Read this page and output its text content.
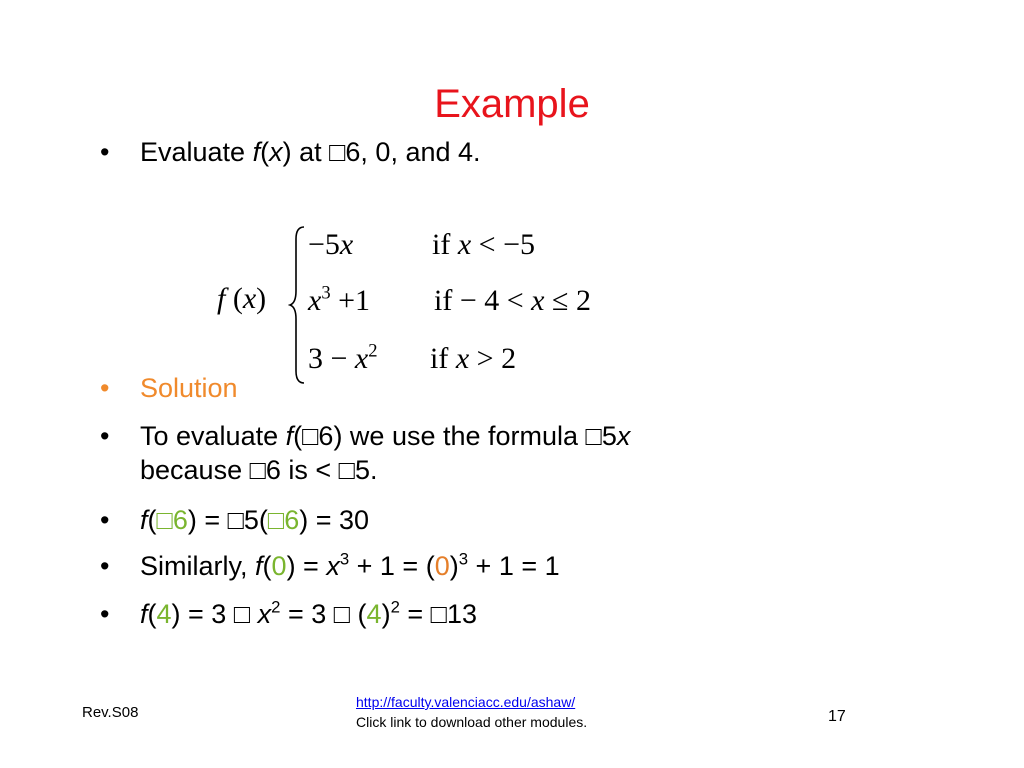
Example
• Evaluate f(x) at □6, 0, and 4.
f (x)
−5x	if x < −5
$x^3 +1$ if − 4 < x ≤ 2
$3 - x^2$ if x > 2
• Solution
• To evaluate f(□6) we use the formula □5x
because □6 is < □5.
• f(□6) = □5(□6) = 30
• Similarly, $f(0) = x^3 + 1 = (0)^3 + 1 = 1$
• f(4) = 3 □ $x^2 = 3$ □ $(4)^2$ = □13
Rev.S08
http://faculty.valenciacc.edu/ashaw/
Click link to download other modules.	17
